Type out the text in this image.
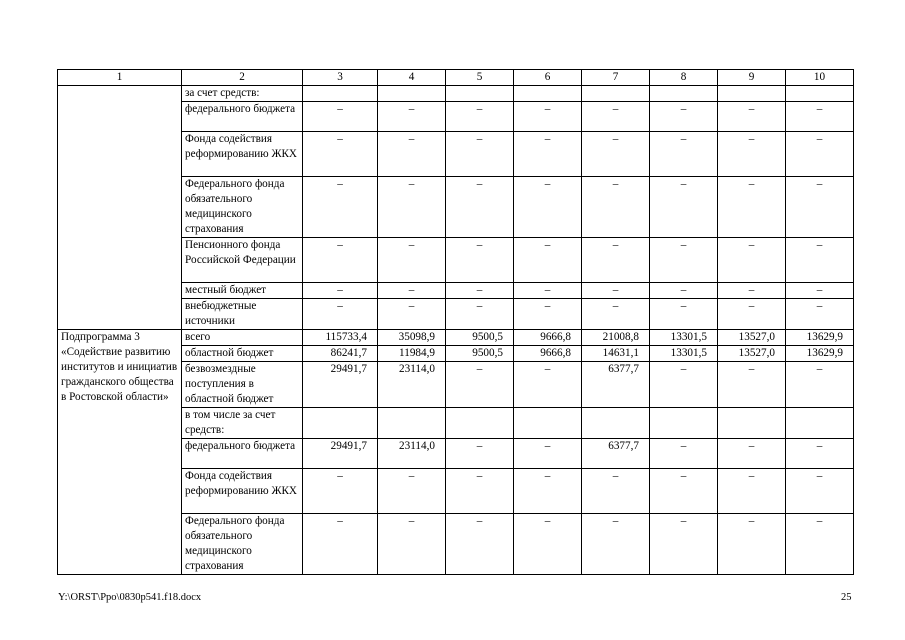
1	2	3	4	5	6	7	8	9	10
	за счет средств:								
	федерального бюджета	–	–	–	–	–	–	–	–
	Фонда содействия реформированию ЖКХ	–	–	–	–	–	–	–	–
	Федерального фонда обязательного медицинского страхования	–	–	–	–	–	–	–	–
	Пенсионного фонда Российской Федерации	–	–	–	–	–	–	–	–
	местный бюджет	–	–	–	–	–	–	–	–
	внебюджетные источники	–	–	–	–	–	–	–	–
Подпрограмма 3 «Содействие развитию институтов и инициатив гражданского общества в Ростовской области»	всего	115733,4	35098,9	9500,5	9666,8	21008,8	13301,5	13527,0	13629,9
	областной бюджет	86241,7	11984,9	9500,5	9666,8	14631,1	13301,5	13527,0	13629,9
	безвозмездные поступления в областной бюджет	29491,7	23114,0	–	–	6377,7	–	–	–
	в том числе за счет средств:								
	федерального бюджета	29491,7	23114,0	–	–	6377,7	–	–	–
	Фонда содействия реформированию ЖКХ	–	–	–	–	–	–	–	–
	Федерального фонда обязательного медицинского страхования	–	–	–	–	–	–	–	–
Y:\ORST\Ppo\0830p541.f18.docx	25
